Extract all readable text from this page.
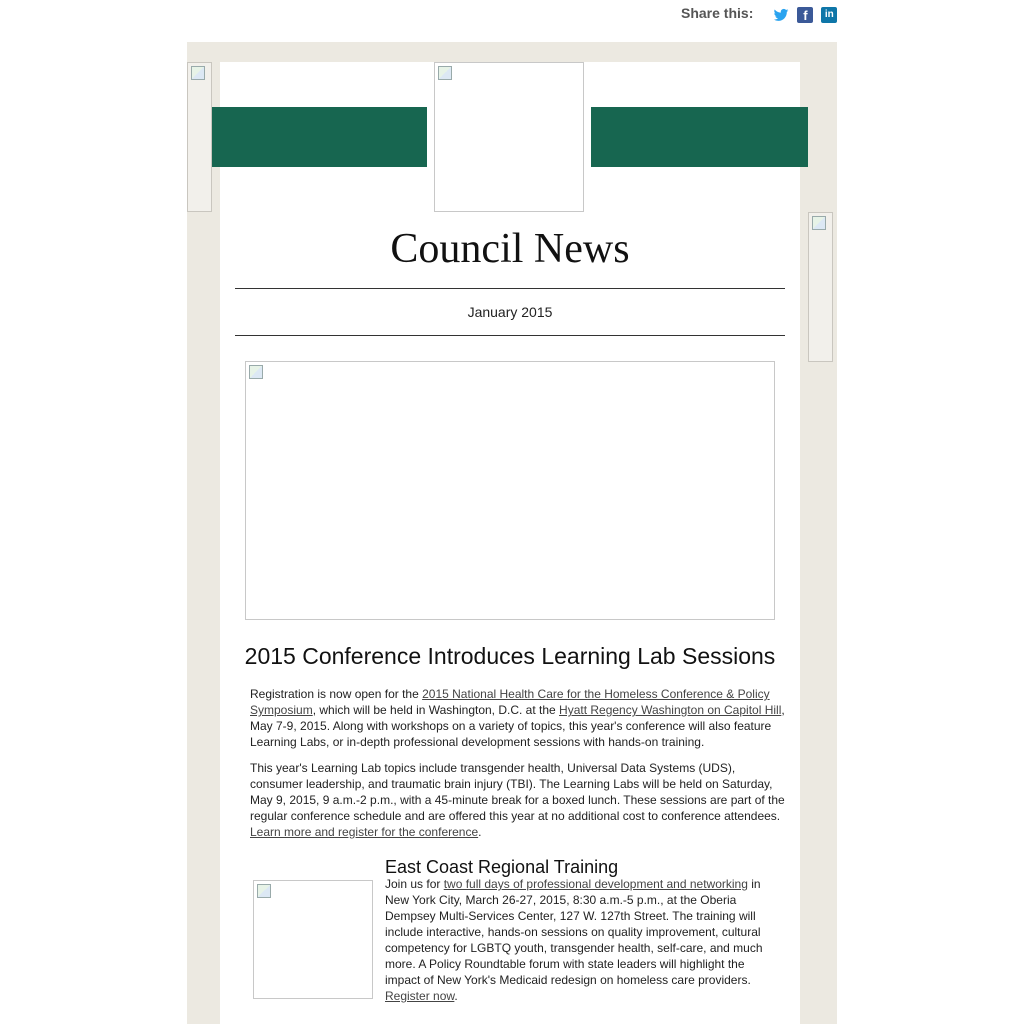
Share this:	f	in
Council News
January 2015
2015 Conference Introduces Learning Lab Sessions

Registration is now open for the 2015 National Health Care for the Homeless Conference & Policy Symposium, which will be held in Washington, D.C. at the Hyatt Regency Washington on Capitol Hill, May 7-9, 2015. Along with workshops on a variety of topics, this year's conference will also feature Learning Labs, or in-depth professional development sessions with hands-on training.

This year's Learning Lab topics include transgender health, Universal Data Systems (UDS), consumer leadership, and traumatic brain injury (TBI). The Learning Labs will be held on Saturday, May 9, 2015, 9 a.m.-2 p.m., with a 45-minute break for a boxed lunch. These sessions are part of the regular conference schedule and are offered this year at no additional cost to conference attendees. Learn more and register for the conference.

East Coast Regional Training

Join us for two full days of professional development and networking in New York City, March 26-27, 2015, 8:30 a.m.-5 p.m., at the Oberia Dempsey Multi-Services Center, 127 W. 127th Street. The training will include interactive, hands-on sessions on quality improvement, cultural competency for LGBTQ youth, transgender health, self-care, and much more. A Policy Roundtable forum with state leaders will highlight the impact of New York's Medicaid redesign on homeless care providers. Register now.
